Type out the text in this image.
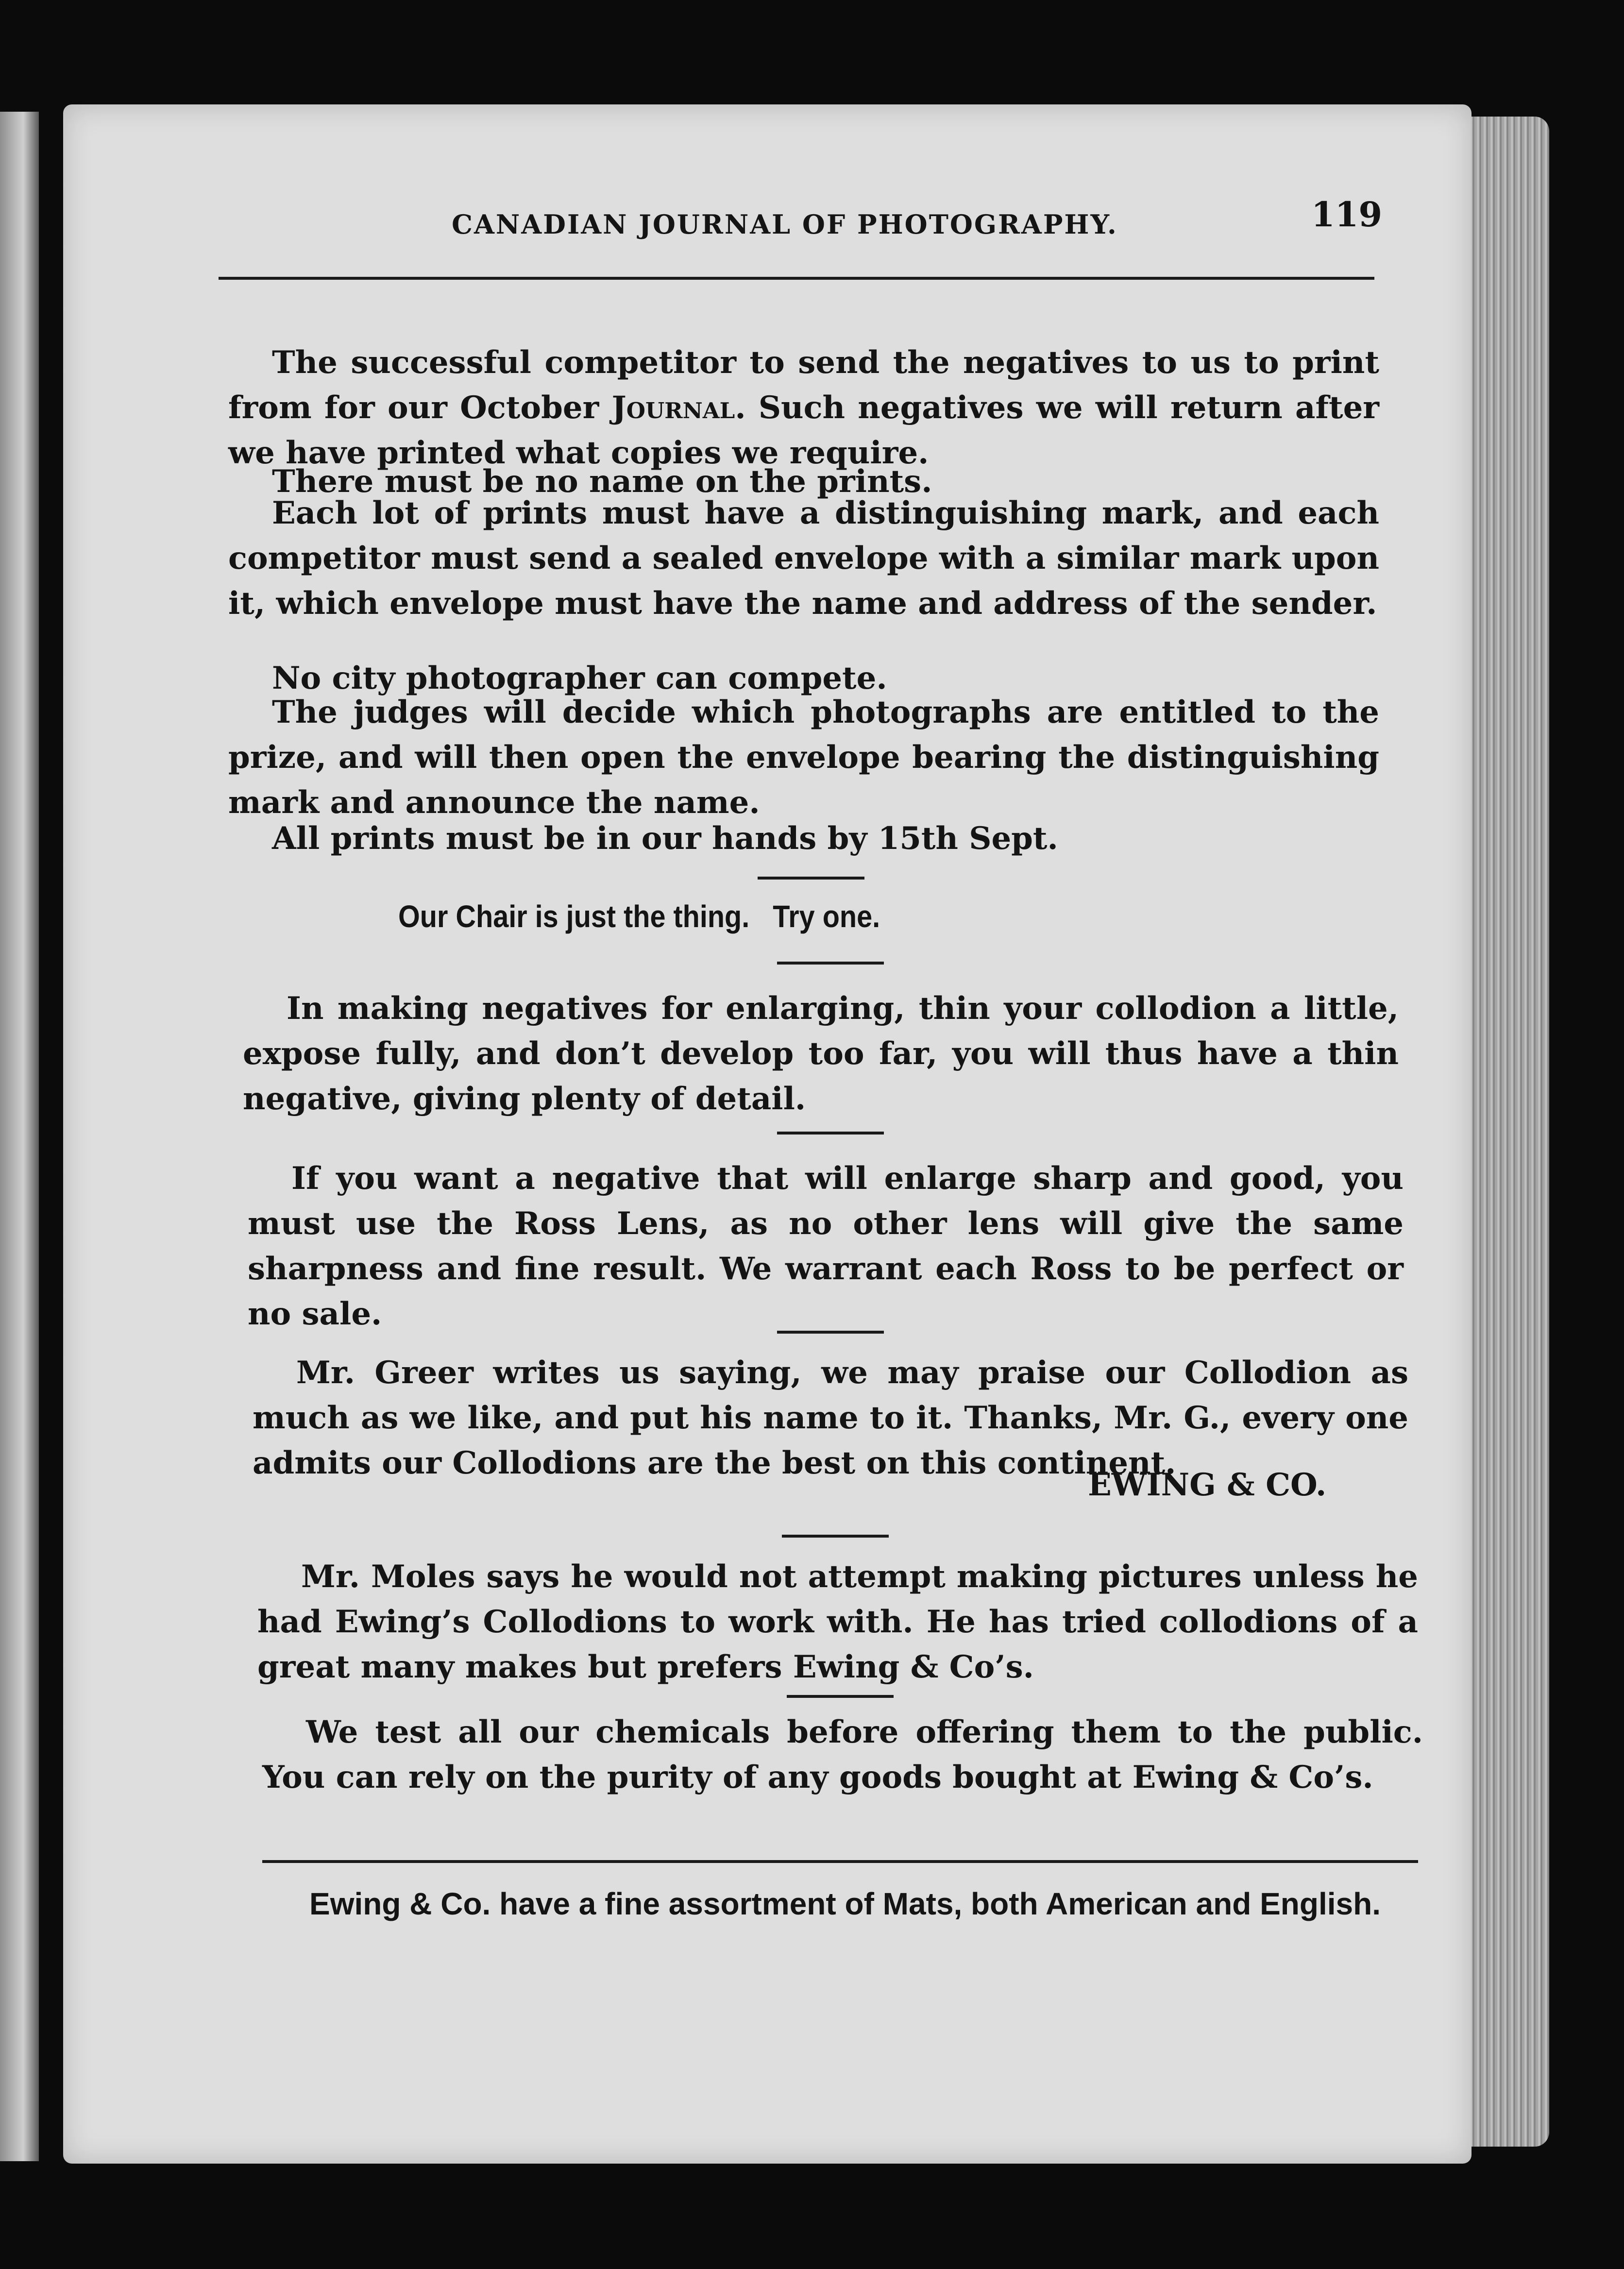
CANADIAN JOURNAL OF PHOTOGRAPHY.	119

The successful competitor to send the negatives to us to print from for our October Journal. Such negatives we will return after we have printed what copies we require.

There must be no name on the prints.

Each lot of prints must have a distinguishing mark, and each competitor must send a sealed envelope with a similar mark upon it, which envelope must have the name and address of the sender.

No city photographer can compete.

The judges will decide which photographs are entitled to the prize, and will then open the envelope bearing the distinguishing mark and announce the name.

All prints must be in our hands by 15th Sept.

Our Chair is just the thing.   Try one.

In making negatives for enlarging, thin your collodion a little, expose fully, and don’t develop too far, you will thus have a thin negative, giving plenty of detail.

If you want a negative that will enlarge sharp and good, you must use the Ross Lens, as no other lens will give the same sharpness and fine result. We warrant each Ross to be perfect or no sale.

Mr. Greer writes us saying, we may praise our Collodion as much as we like, and put his name to it. Thanks, Mr. G., every one admits our Collodions are the best on this continent.

EWING & CO.

Mr. Moles says he would not attempt making pictures unless he had Ewing’s Collodions to work with. He has tried collodions of a great many makes but prefers Ewing & Co’s.

We test all our chemicals before offering them to the public. You can rely on the purity of any goods bought at Ewing & Co’s.

Ewing & Co. have a fine assortment of Mats, both American and English.
